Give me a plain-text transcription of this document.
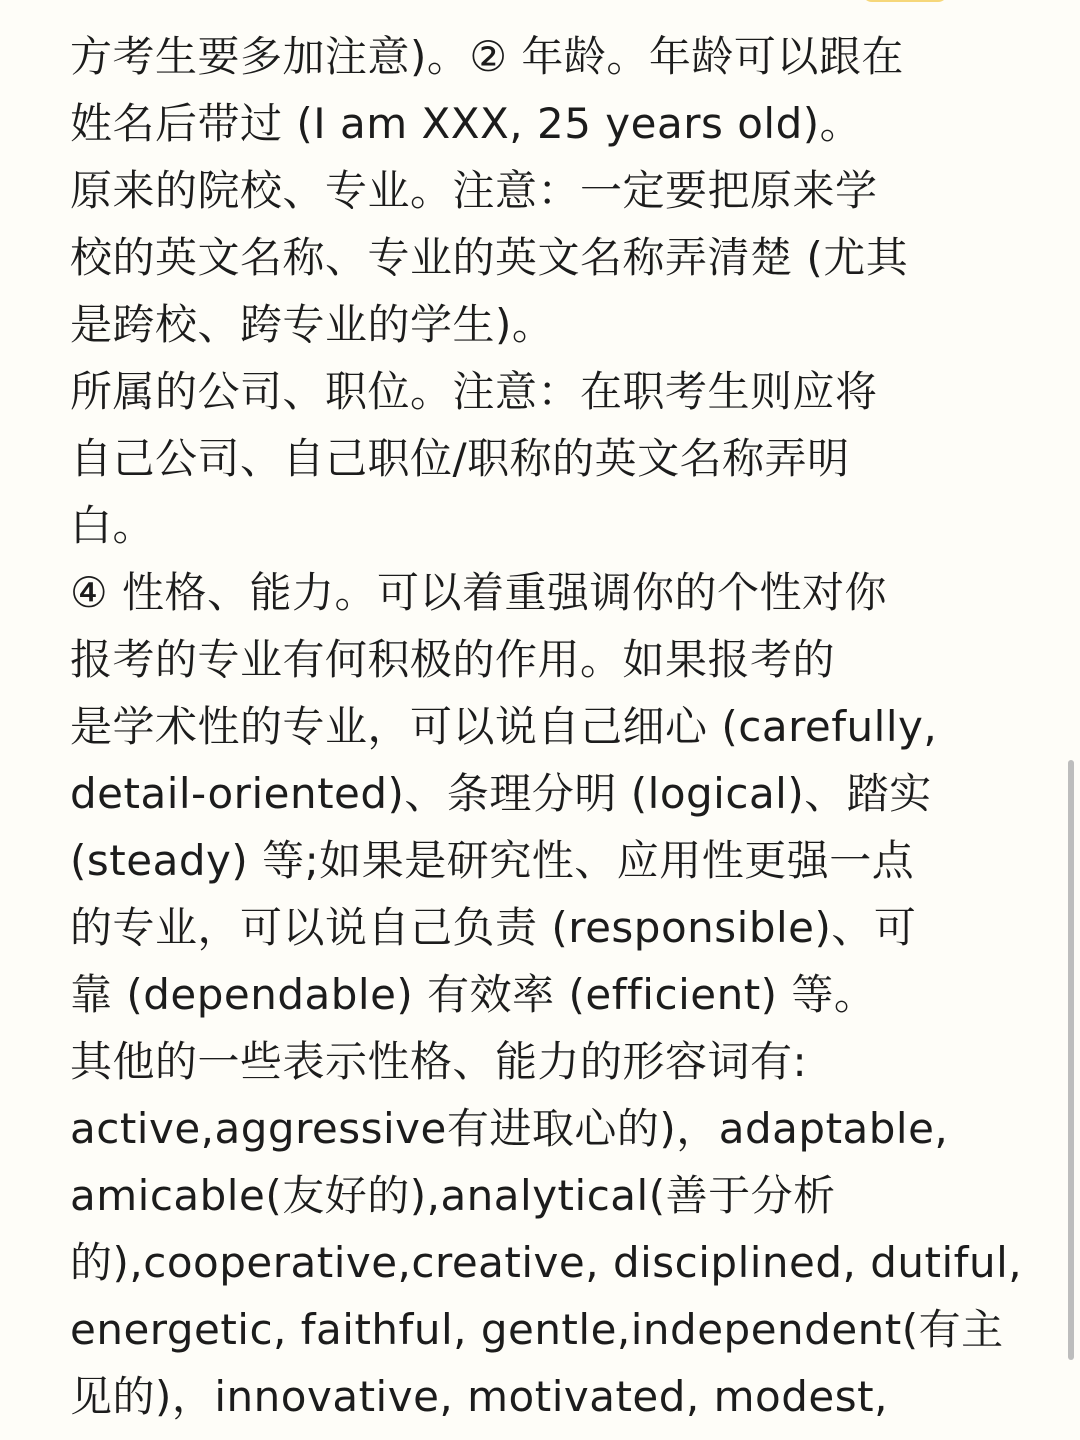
方考生要多加注意)。② 年龄。年龄可以跟在
姓名后带过 (I am XXX, 25 years old)。
原来的院校、专业。注意：一定要把原来学
校的英文名称、专业的英文名称弄清楚 (尤其
是跨校、跨专业的学生)。
所属的公司、职位。注意：在职考生则应将
自己公司、自己职位/职称的英文名称弄明
白。
④ 性格、能力。可以着重强调你的个性对你
报考的专业有何积极的作用。如果报考的
是学术性的专业，可以说自己细心 (carefully,
detail-oriented)、条理分明 (logical)、踏实
(steady) 等;如果是研究性、应用性更强一点
的专业，可以说自己负责 (responsible)、可
靠 (dependable) 有效率 (efficient) 等。
其他的一些表示性格、能力的形容词有:
active,aggressive有进取心的)，adaptable,
amicable(友好的),analytical(善于分析
的),cooperative,creative, disciplined, dutiful,
energetic, faithful, gentle,independent(有主
见的)，innovative, motivated, modest,
